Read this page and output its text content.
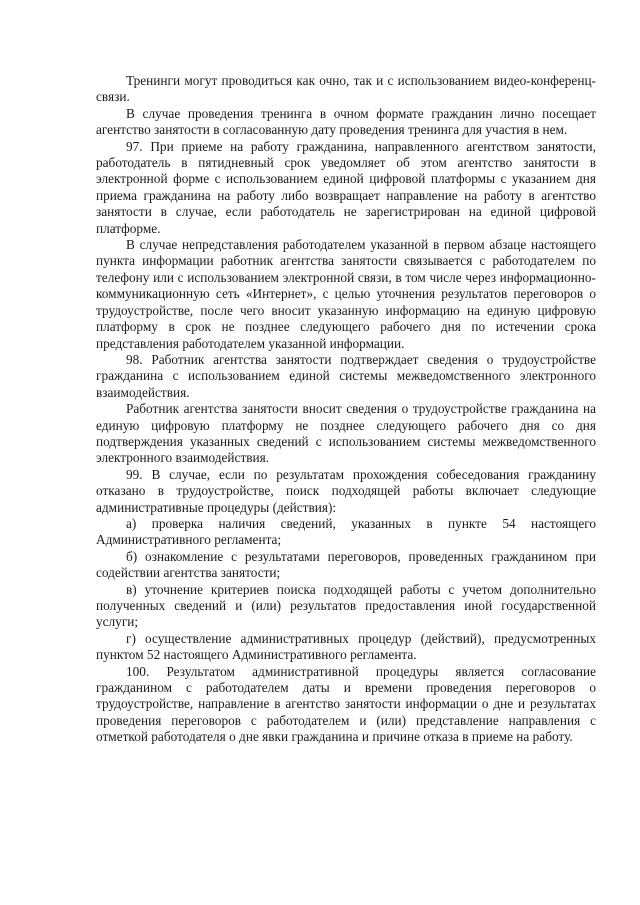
Тренинги могут проводиться как очно, так и с использованием видео-конференц-связи.

В случае проведения тренинга в очном формате гражданин лично посещает агентство занятости в согласованную дату проведения тренинга для участия в нем.

97. При приеме на работу гражданина, направленного агентством занятости, работодатель в пятидневный срок уведомляет об этом агентство занятости в электронной форме с использованием единой цифровой платформы с указанием дня приема гражданина на работу либо возвращает направление на работу в агентство занятости в случае, если работодатель не зарегистрирован на единой цифровой платформе.

В случае непредставления работодателем указанной в первом абзаце настоящего пункта информации работник агентства занятости связывается с работодателем по телефону или с использованием электронной связи, в том числе через информационно-коммуникационную сеть «Интернет», с целью уточнения результатов переговоров о трудоустройстве, после чего вносит указанную информацию на единую цифровую платформу в срок не позднее следующего рабочего дня по истечении срока представления работодателем указанной информации.

98. Работник агентства занятости подтверждает сведения о трудоустройстве гражданина с использованием единой системы межведомственного электронного взаимодействия.

Работник агентства занятости вносит сведения о трудоустройстве гражданина на единую цифровую платформу не позднее следующего рабочего дня со дня подтверждения указанных сведений с использованием системы межведомственного электронного взаимодействия.

99. В случае, если по результатам прохождения собеседования гражданину отказано в трудоустройстве, поиск подходящей работы включает следующие административные процедуры (действия):

а) проверка наличия сведений, указанных в пункте 54 настоящего Административного регламента;

б) ознакомление с результатами переговоров, проведенных гражданином при содействии агентства занятости;

в) уточнение критериев поиска подходящей работы с учетом дополнительно полученных сведений и (или) результатов предоставления иной государственной услуги;

г) осуществление административных процедур (действий), предусмотренных пунктом 52 настоящего Административного регламента.

100. Результатом административной процедуры является согласование гражданином с работодателем даты и времени проведения переговоров о трудоустройстве, направление в агентство занятости информации о дне и результатах проведения переговоров с работодателем и (или) представление направления с отметкой работодателя о дне явки гражданина и причине отказа в приеме на работу.
